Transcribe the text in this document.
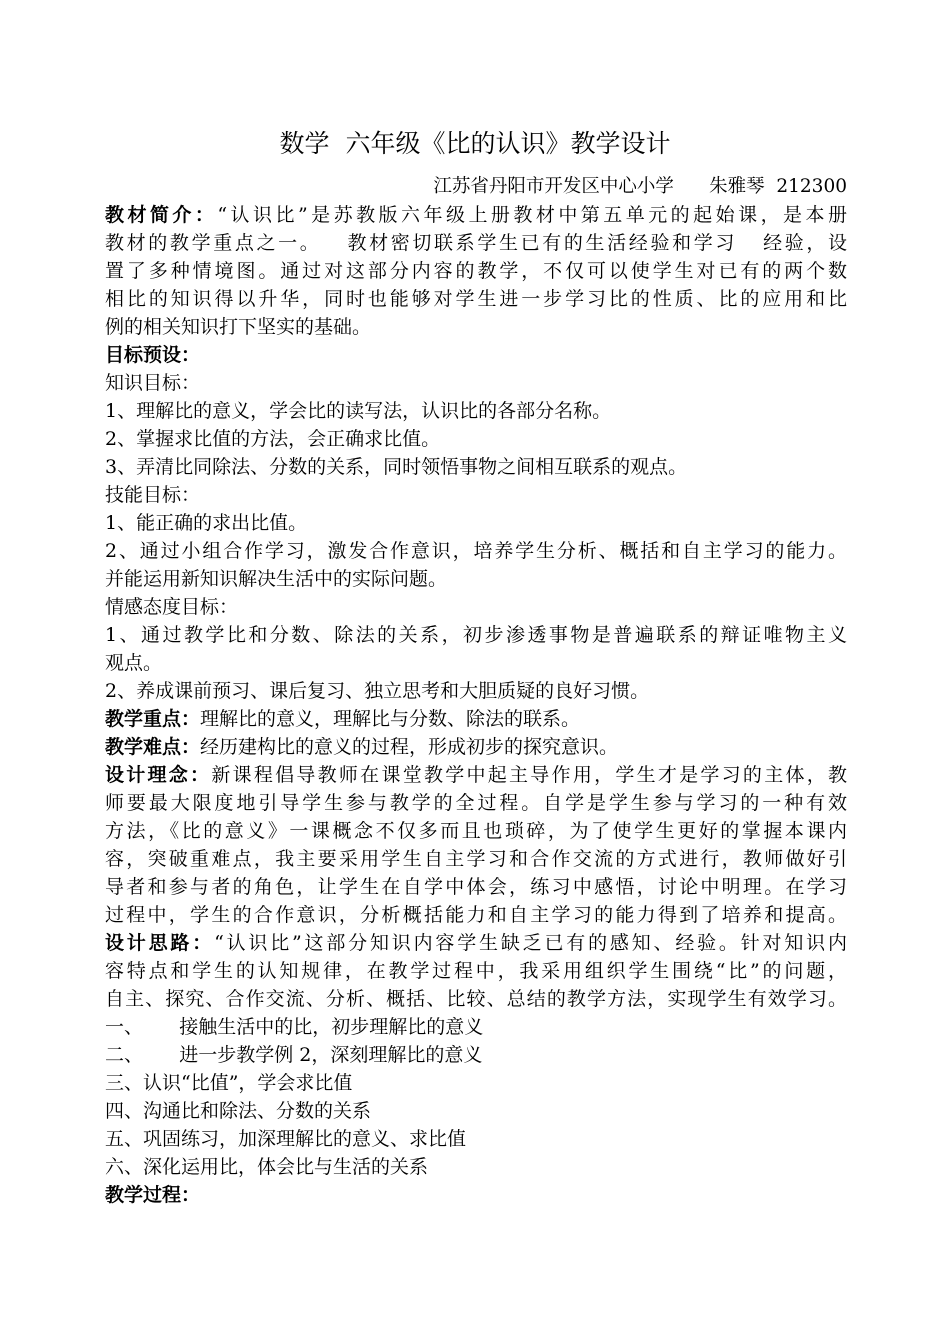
数学  六年级《比的认识》教学设计
江苏省丹阳市开发区中心小学      朱雅琴  212300
教材简介：“认识比”是苏教版六年级上册教材中第五单元的起始课，是本册
教材的教学重点之一。   教材密切联系学生已有的生活经验和学习   经验，设
置了多种情境图。通过对这部分内容的教学，不仅可以使学生对已有的两个数
相比的知识得以升华，同时也能够对学生进一步学习比的性质、比的应用和比
例的相关知识打下坚实的基础。
目标预设：
知识目标：
1、理解比的意义，学会比的读写法，认识比的各部分名称。
2、掌握求比值的方法，会正确求比值。
3、弄清比同除法、分数的关系，同时领悟事物之间相互联系的观点。
技能目标：
1、能正确的求出比值。
2、通过小组合作学习，激发合作意识，培养学生分析、概括和自主学习的能力。
并能运用新知识解决生活中的实际问题。
情感态度目标：
1、通过教学比和分数、除法的关系，初步渗透事物是普遍联系的辩证唯物主义
观点。
2、养成课前预习、课后复习、独立思考和大胆质疑的良好习惯。
教学重点：理解比的意义，理解比与分数、除法的联系。
教学难点：经历建构比的意义的过程，形成初步的探究意识。
设计理念：新课程倡导教师在课堂教学中起主导作用，学生才是学习的主体，教
师要最大限度地引导学生参与教学的全过程。自学是学生参与学习的一种有效
方法，《比的意义》一课概念不仅多而且也琐碎，为了使学生更好的掌握本课内
容，突破重难点，我主要采用学生自主学习和合作交流的方式进行，教师做好引
导者和参与者的角色，让学生在自学中体会，练习中感悟，讨论中明理。在学习
过程中，学生的合作意识，分析概括能力和自主学习的能力得到了培养和提高。
设计思路：“认识比”这部分知识内容学生缺乏已有的感知、经验。针对知识内
容特点和学生的认知规律，在教学过程中，我采用组织学生围绕“比”的问题，
自主、探究、合作交流、分析、概括、比较、总结的教学方法，实现学生有效学习。
一、      接触生活中的比，初步理解比的意义
二、      进一步教学例 2，深刻理解比的意义
三、认识“比值”，学会求比值
四、沟通比和除法、分数的关系
五、巩固练习，加深理解比的意义、求比值
六、深化运用比，体会比与生活的关系
教学过程：
